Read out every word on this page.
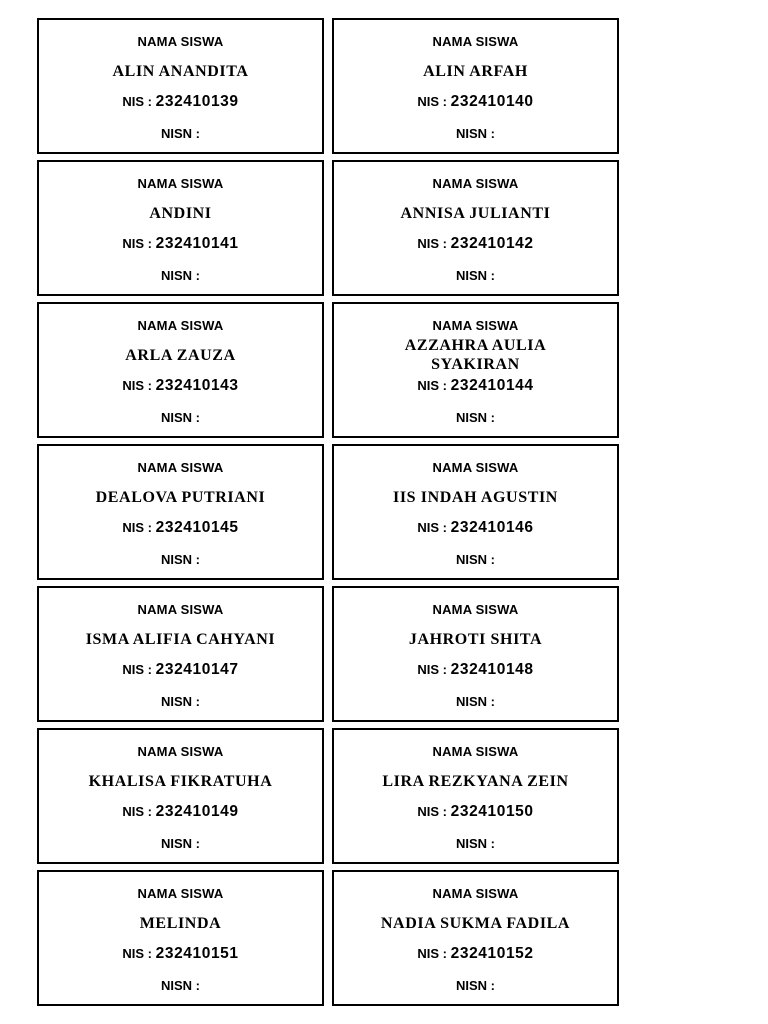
NAMA SISWA
ALIN ANANDITA
NIS : 232410139
NISN :
NAMA SISWA
ALIN ARFAH
NIS : 232410140
NISN :
NAMA SISWA
ANDINI
NIS : 232410141
NISN :
NAMA SISWA
ANNISA JULIANTI
NIS : 232410142
NISN :
NAMA SISWA
ARLA ZAUZA
NIS : 232410143
NISN :
NAMA SISWA
AZZAHRA AULIA SYAKIRAN
NIS : 232410144
NISN :
NAMA SISWA
DEALOVA PUTRIANI
NIS : 232410145
NISN :
NAMA SISWA
IIS INDAH AGUSTIN
NIS : 232410146
NISN :
NAMA SISWA
ISMA ALIFIA CAHYANI
NIS : 232410147
NISN :
NAMA SISWA
JAHROTI SHITA
NIS : 232410148
NISN :
NAMA SISWA
KHALISA FIKRATUHA
NIS : 232410149
NISN :
NAMA SISWA
LIRA REZKYANA ZEIN
NIS : 232410150
NISN :
NAMA SISWA
MELINDA
NIS : 232410151
NISN :
NAMA SISWA
NADIA SUKMA FADILA
NIS : 232410152
NISN :
